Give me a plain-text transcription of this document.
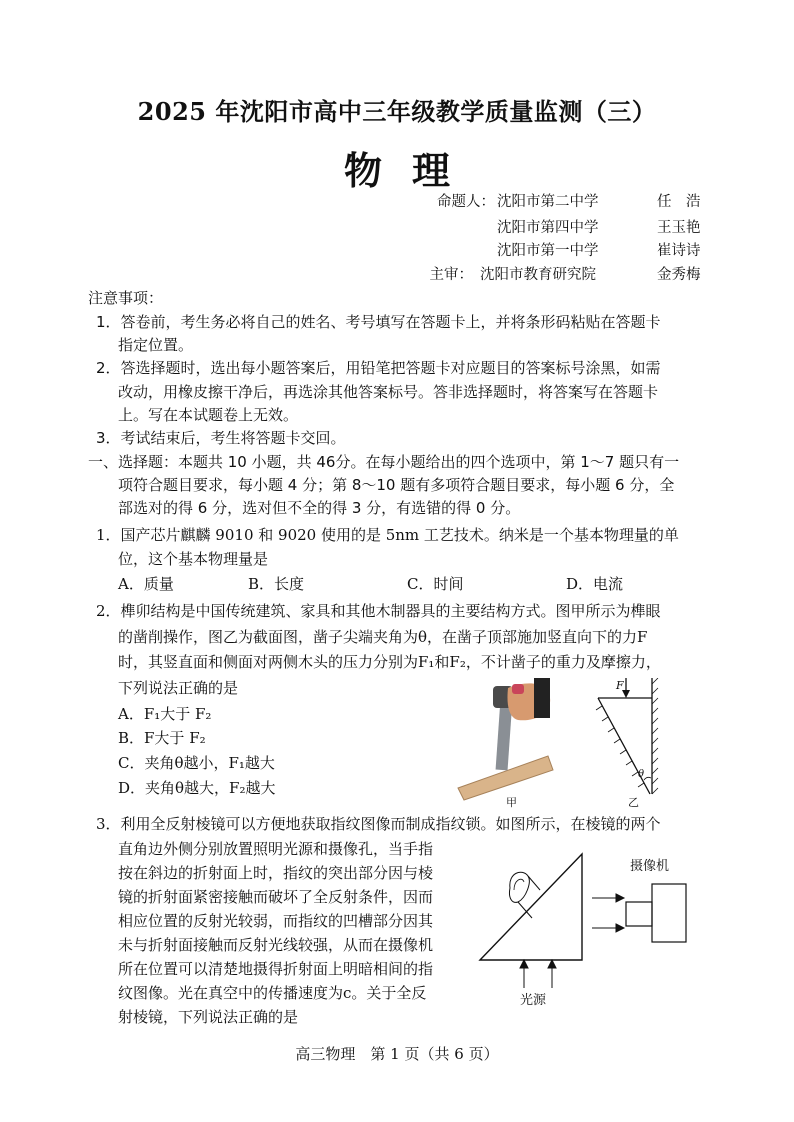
2025 年沈阳市高中三年级教学质量监测（三）
物理
命题人： 沈阳市第二中学	任　浩
沈阳市第四中学	王玉艳
沈阳市第一中学	崔诗诗
主审： 沈阳市教育研究院	金秀梅
注意事项：
1．答卷前，考生务必将自己的姓名、考号填写在答题卡上，并将条形码粘贴在答题卡
指定位置。
2．答选择题时，选出每小题答案后，用铅笔把答题卡对应题目的答案标号涂黑，如需
改动，用橡皮擦干净后，再选涂其他答案标号。答非选择题时，将答案写在答题卡
上。写在本试题卷上无效。
3．考试结束后，考生将答题卡交回。
一、选择题：本题共 10 小题，共 46分。在每小题给出的四个选项中，第 1～7 题只有一
项符合题目要求，每小题 4 分；第 8～10 题有多项符合题目要求，每小题 6 分，全
部选对的得 6 分，选对但不全的得 3 分，有选错的得 0 分。
1．国产芯片麒麟 9010 和 9020 使用的是 5nm 工艺技术。纳米是一个基本物理量的单
位，这个基本物理量是
A．质量	B．长度	C．时间	D．电流
2．榫卯结构是中国传统建筑、家具和其他木制器具的主要结构方式。图甲所示为榫眼
的凿削操作，图乙为截面图，凿子尖端夹角为θ，在凿子顶部施加竖直向下的力F
时，其竖直面和侧面对两侧木头的压力分别为F₁和F₂，不计凿子的重力及摩擦力，
下列说法正确的是
A．F₁大于 F₂
B．F大于 F₂
C．夹角θ越小，F₁越大
D．夹角θ越大，F₂越大
甲
F
θ
乙
3．利用全反射棱镜可以方便地获取指纹图像而制成指纹锁。如图所示，在棱镜的两个
直角边外侧分别放置照明光源和摄像孔，当手指
按在斜边的折射面上时，指纹的突出部分因与棱
镜的折射面紧密接触而破坏了全反射条件，因而
相应位置的反射光较弱，而指纹的凹槽部分因其
未与折射面接触而反射光线较强，从而在摄像机
所在位置可以清楚地摄得折射面上明暗相间的指
纹图像。光在真空中的传播速度为c。关于全反
射棱镜，下列说法正确的是
摄像机
光源
高三物理　第 1 页（共 6 页）
